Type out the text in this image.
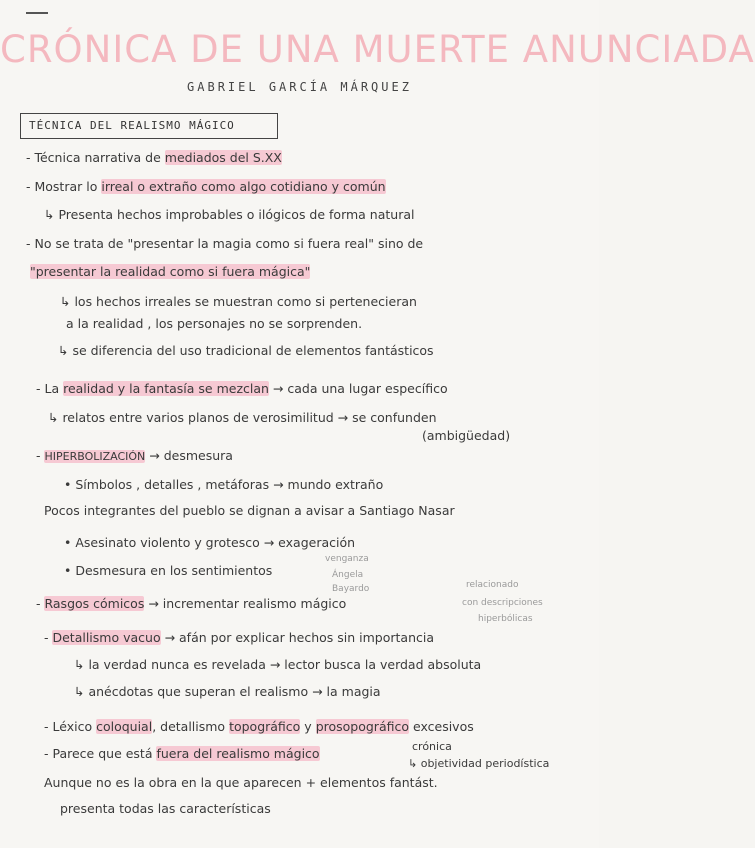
CRÓNICA DE UNA MUERTE ANUNCIADA
GABRIEL GARCÍA MÁRQUEZ
TÉCNICA DEL REALISMO MÁGICO
- Técnica narrativa de mediados del S.XX
- Mostrar lo irreal o extraño como algo cotidiano y común
↳ Presenta hechos improbables o ilógicos de forma natural
- No se trata de "presentar la magia como si fuera real" sino de
"presentar la realidad como si fuera mágica"
↳ los hechos irreales se muestran como si pertenecieran
a la realidad , los personajes no se sorprenden.
↳ se diferencia del uso tradicional de elementos fantásticos
- La realidad y la fantasía se mezclan → cada una lugar específico
↳ relatos entre varios planos de verosimilitud → se confunden
(ambigüedad)
- HIPERBOLIZACIÓN → desmesura
• Símbolos , detalles , metáforas → mundo extraño
Pocos integrantes del pueblo se dignan a avisar a Santiago Nasar
• Asesinato violento y grotesco → exageración
• Desmesura en los sentimientos
venganza
Ángela
Bayardo
- Rasgos cómicos → incrementar realismo mágico
relacionado
con descripciones
hiperbólicas
- Detallismo vacuo → afán por explicar hechos sin importancia
↳ la verdad nunca es revelada → lector busca la verdad absoluta
↳ anécdotas que superan el realismo → la magia
- Léxico coloquial, detallismo topográfico y prosopográfico excesivos
- Parece que está fuera del realismo mágico	crónica
↳ objetividad periodística
Aunque no es la obra en la que aparecen + elementos fantást.
presenta todas las características
